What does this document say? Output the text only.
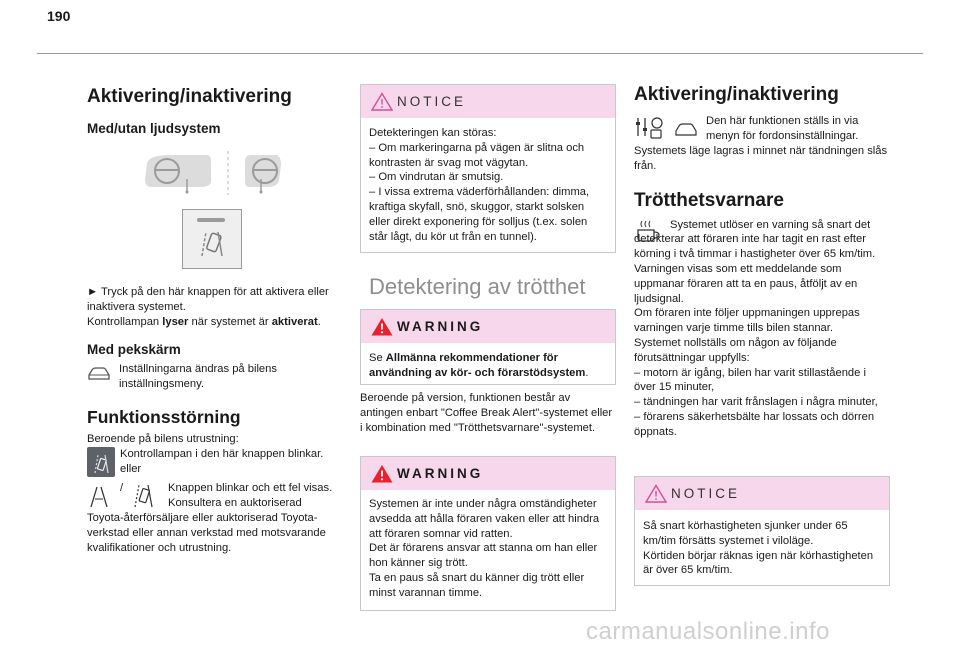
190
Aktivering/inaktivering
Med/utan ljudsystem

► Tryck på den här knappen för att aktivera eller inaktivera systemet.

Kontrollampan lyser när systemet är aktiverat.

Med pekskärm

Inställningarna ändras på bilens inställningsmeny.

Funktionsstörning

Beroende på bilens utrustning:

Kontrollampan i den här knappen blinkar.
eller

/	Knappen blinkar och ett fel visas. Konsultera en auktoriserad

Toyota-återförsäljare eller auktoriserad Toyota-verkstad eller annan verkstad med motsvarande kvalifikationer och utrustning.

NOTICE

Detekteringen kan störas:

– Om markeringarna på vägen är slitna och kontrasten är svag mot vägytan.

– Om vindrutan är smutsig.

– I vissa extrema väderförhållanden: dimma, kraftiga skyfall, snö, skuggor, starkt solsken eller direkt exponering för solljus (t.ex. solen står lågt, du kör ut från en tunnel).

Detektering av trötthet
WARNING

Se Allmänna rekommendationer för användning av kör- och förarstödsystem.

Beroende på version, funktionen består av antingen enbart "Coffee Break Alert"-systemet eller i kombination med "Trötthetsvarnare"-systemet.

WARNING

Systemen är inte under några omständigheter avsedda att hålla föraren vaken eller att hindra att föraren somnar vid ratten.

Det är förarens ansvar att stanna om han eller hon känner sig trött.

Ta en paus så snart du känner dig trött eller minst varannan timme.

Aktivering/inaktivering

Den här funktionen ställs in via menyn för fordonsinställningar.

Systemets läge lagras i minnet när tändningen slås från.

Trötthetsvarnare

Systemet utlöser en varning så snart det detekterar att föraren inte har tagit en rast efter körning i två timmar i hastigheter över 65 km/tim.

Varningen visas som ett meddelande som uppmanar föraren att ta en paus, åtföljt av en ljudsignal.

Om föraren inte följer uppmaningen upprepas varningen varje timme tills bilen stannar.

Systemet nollställs om någon av följande förutsättningar uppfylls:

– motorn är igång, bilen har varit stillastående i över 15 minuter,

– tändningen har varit frånslagen i några minuter,

– förarens säkerhetsbälte har lossats och dörren öppnats.

NOTICE

Så snart körhastigheten sjunker under 65 km/tim försätts systemet i viloläge.

Körtiden börjar räknas igen när körhastigheten är över 65 km/tim.

carmanualsonline.info
